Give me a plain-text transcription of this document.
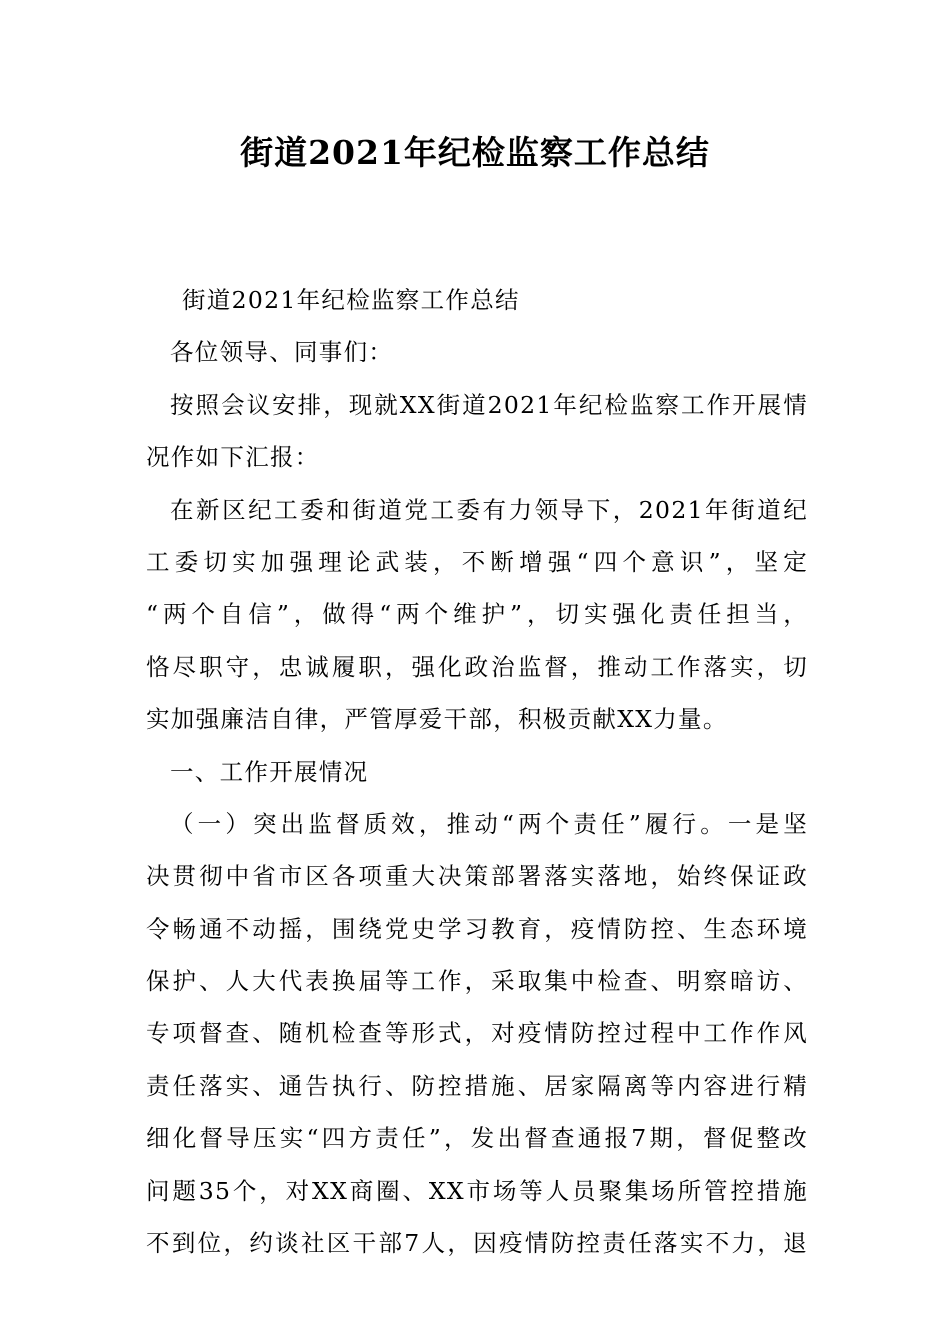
街道2021年纪检监察工作总结
街道2021年纪检监察工作总结
各位领导、同事们：
按照会议安排，现就XX街道2021年纪检监察工作开展情
况作如下汇报：
在新区纪工委和街道党工委有力领导下，2021年街道纪
工委切实加强理论武装，不断增强“四个意识”，坚定
“两个自信”，做得“两个维护”，切实强化责任担当，
恪尽职守，忠诚履职，强化政治监督，推动工作落实，切
实加强廉洁自律，严管厚爱干部，积极贡献XX力量。
一、工作开展情况
（一）突出监督质效，推动“两个责任”履行。一是坚
决贯彻中省市区各项重大决策部署落实落地，始终保证政
令畅通不动摇，围绕党史学习教育，疫情防控、生态环境
保护、人大代表换届等工作，采取集中检查、明察暗访、
专项督查、随机检查等形式，对疫情防控过程中工作作风
责任落实、通告执行、防控措施、居家隔离等内容进行精
细化督导压实“四方责任”，发出督查通报7期，督促整改
问题35个，对XX商圈、XX市场等人员聚集场所管控措施
不到位，约谈社区干部7人，因疫情防控责任落实不力，退
